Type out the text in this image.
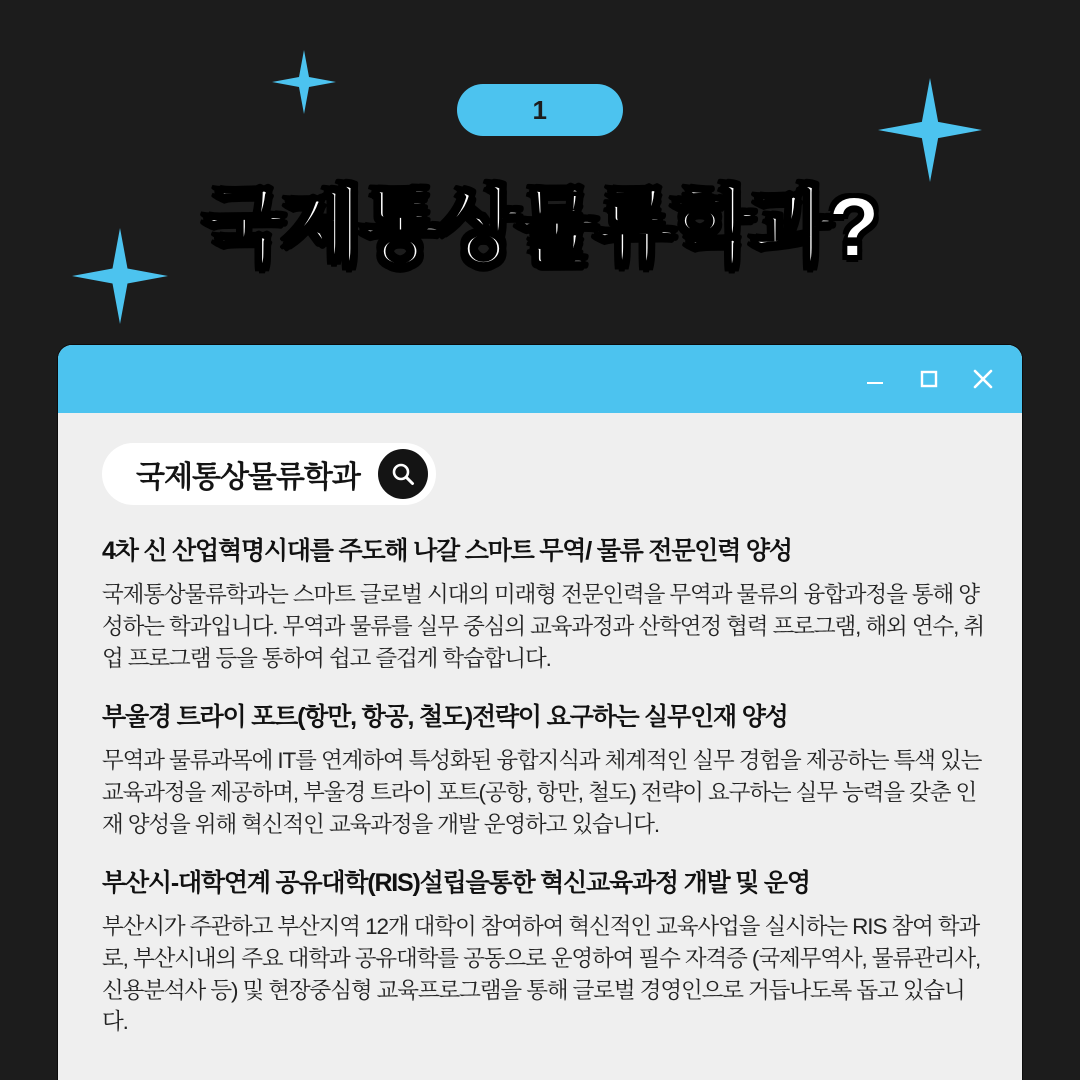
1
국제통상물류학과?
국제통상물류학과
4차 신 산업혁명시대를 주도해 나갈 스마트 무역/ 물류 전문인력 양성

국제통상물류학과는 스마트 글로벌 시대의 미래형 전문인력을 무역과 물류의 융합과정을 통해 양성하는 학과입니다. 무역과 물류를 실무 중심의 교육과정과 산학연정 협력 프로그램, 해외 연수, 취업 프로그램 등을 통하여 쉽고 즐겁게 학습합니다.

부울경 트라이 포트(항만, 항공, 철도)전략이 요구하는 실무인재 양성

무역과 물류과목에 IT를 연계하여 특성화된 융합지식과 체계적인 실무 경험을 제공하는 특색 있는 교육과정을 제공하며, 부울경 트라이 포트(공항, 항만, 철도) 전략이 요구하는 실무 능력을 갖춘 인재 양성을 위해 혁신적인 교육과정을 개발 운영하고 있습니다.

부산시-대학연계 공유대학(RIS)설립을통한 혁신교육과정 개발 및 운영

부산시가 주관하고 부산지역 12개 대학이 참여하여 혁신적인 교육사업을 실시하는 RIS 참여 학과로, 부산시내의 주요 대학과 공유대학를 공동으로 운영하여 필수 자격증 (국제무역사, 물류관리사, 신용분석사 등) 및 현장중심형 교육프로그램을 통해 글로벌 경영인으로 거듭나도록 돕고 있습니다.
